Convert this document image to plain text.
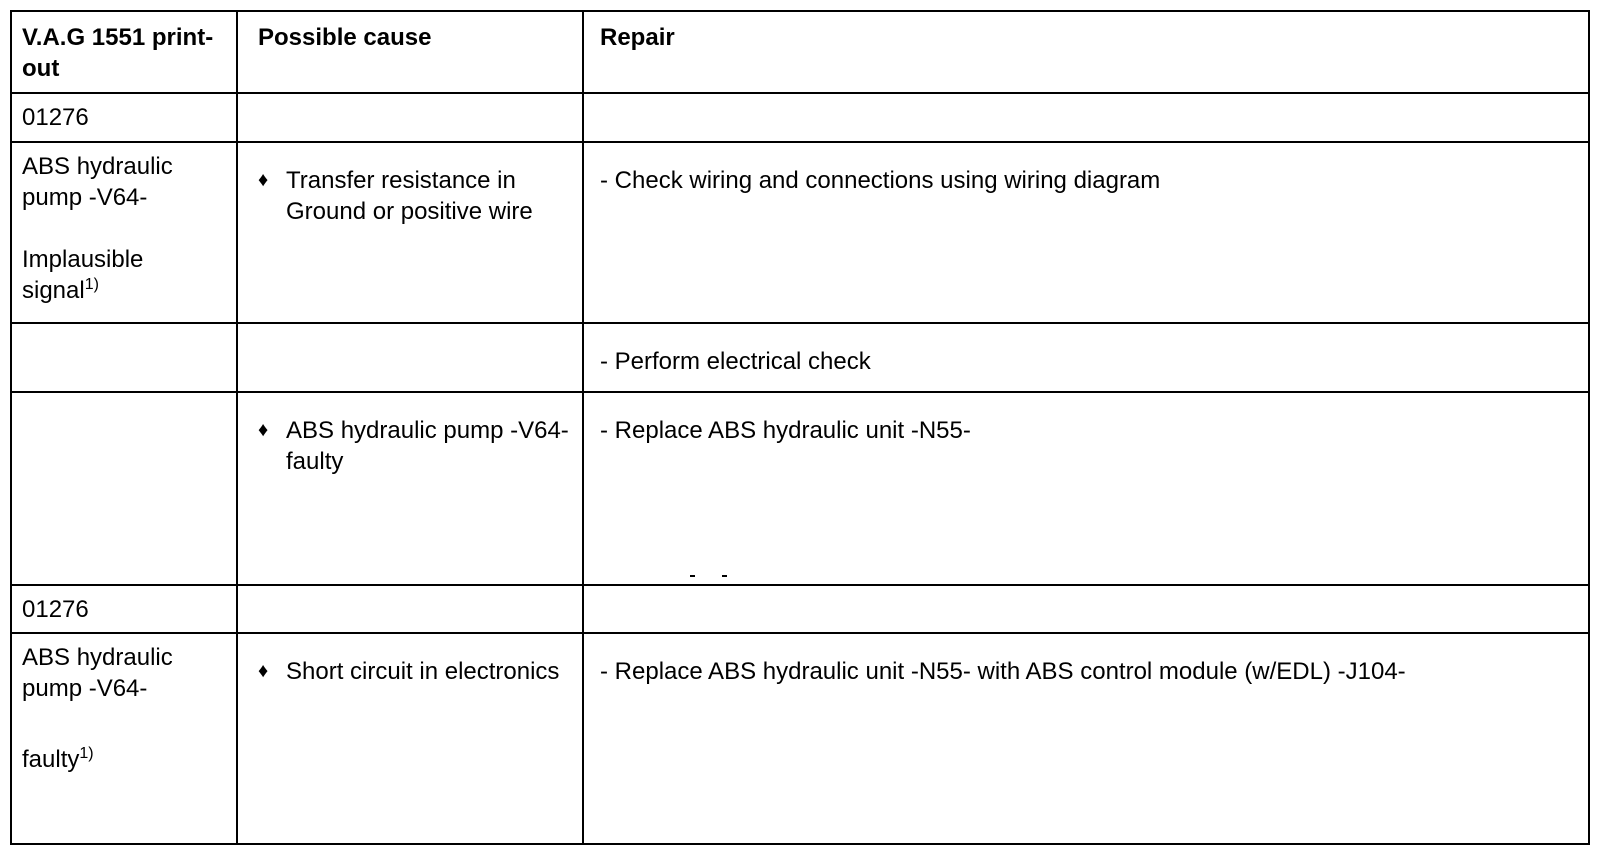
V.A.G 1551 print-out
Possible cause	Repair
01276
ABS hydraulic pump -V64-
Implausible signal$^{1)}$
♦ Transfer resistance in Ground or positive wire
- Check wiring and connections using wiring diagram
- Perform electrical check
♦ ABS hydraulic pump -V64- faulty
- Replace ABS hydraulic unit -N55-
01276
ABS hydraulic pump -V64-
faulty$^{1)}$
♦ Short circuit in electronics	- Replace ABS hydraulic unit -N55- with ABS control module (w/EDL) -J104-
